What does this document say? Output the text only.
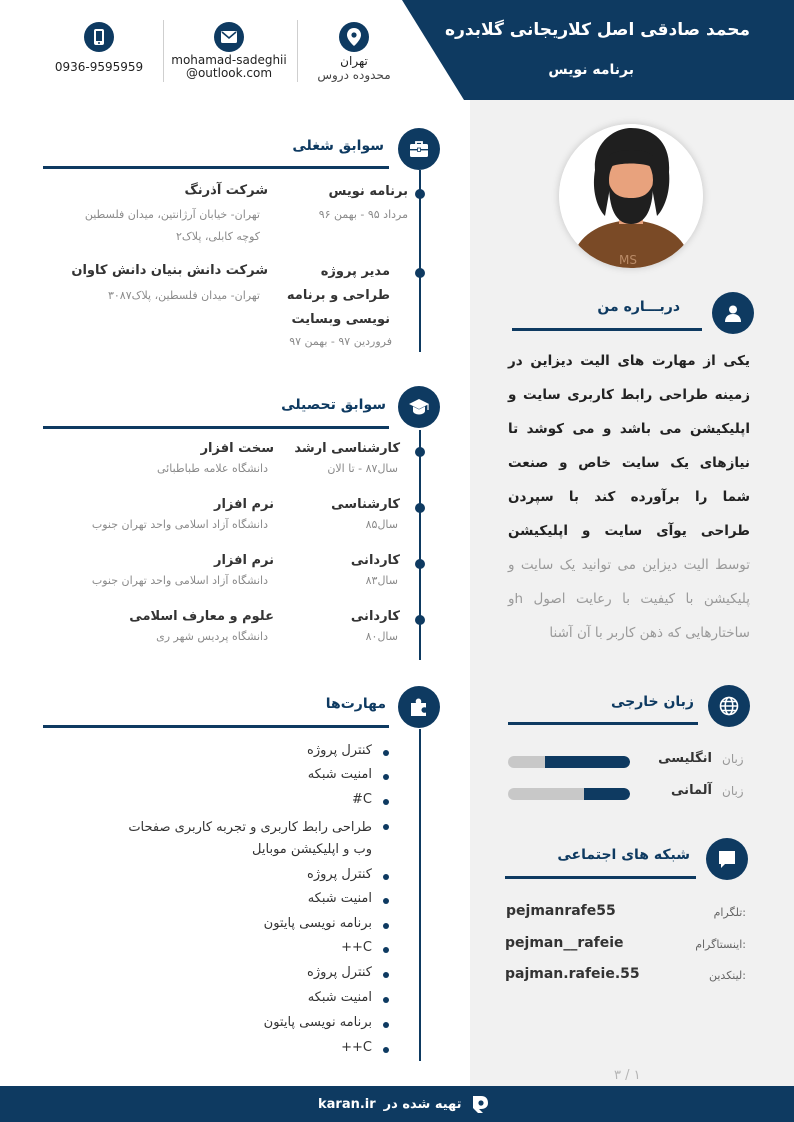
محمد صادقی اصل کلاریجانی گلابدره
برنامه نویس
0936-9595959	mohamad-sadeghii
@outlook.com
تهران
محدوده دروس
MS
دربـــاره من
یکی از مهارت های الیت دیزاین در زمینه طراحی رابط کاربری سایت و اپلیکیشن می باشد و می کوشد تا نیازهای یک سایت خاص و صنعت شما را برآورده کند با سپردن طراحی یوآی سایت و اپلیکیشن توسط الیت دیزاین می توانید یک سایت و پلیکیشن با کیفیت با رعایت اصول hو ساختارهایی که ذهن کاربر با آن آشنا
زبان خارجی
زبان
انگلیسی
زبان
آلمانی
شبکه های اجتماعی
تلگرام:
pejmanrafe55
اینستاگرام:
pejman__rafeie
لینکدین:
pajman.rafeie.55
۳ / ۱
سوابق شغلی
برنامه نویس
مرداد ۹۵ - بهمن ۹۶
شرکت آذرنگ
تهران- خیابان آرژانتین، میدان فلسطین کوچه کابلی، پلاک۲
مدیر پروژه طراحی و برنامه نویسی وبسایت
فروردین ۹۷ - بهمن ۹۷
شرکت دانش بنیان دانش کاوان
تهران- میدان فلسطین، پلاک۳۰۸۷
سوابق تحصیلی
کارشناسی ارشد
سال۸۷ - تا الان
سخت افزار
دانشگاه علامه طباطبائی
کارشناسی
سال۸۵
نرم افزار
دانشگاه آزاد اسلامی واحد تهران جنوب
کاردانی
سال۸۳
نرم افزار
دانشگاه آزاد اسلامی واحد تهران جنوب
کاردانی
سال۸۰
علوم و معارف اسلامی
دانشگاه پردیس شهر ری
مهارت‌ها
کنترل پروژه
امنیت شبکه
C#
طراحی رابط کاربری و تجربه کاربری صفحات وب و اپلیکیشن موبایل
کنترل پروژه
امنیت شبکه
برنامه نویسی پایتون
C++
کنترل پروژه
امنیت شبکه
برنامه نویسی پایتون
C++
تهیه شده در
karan.ir
